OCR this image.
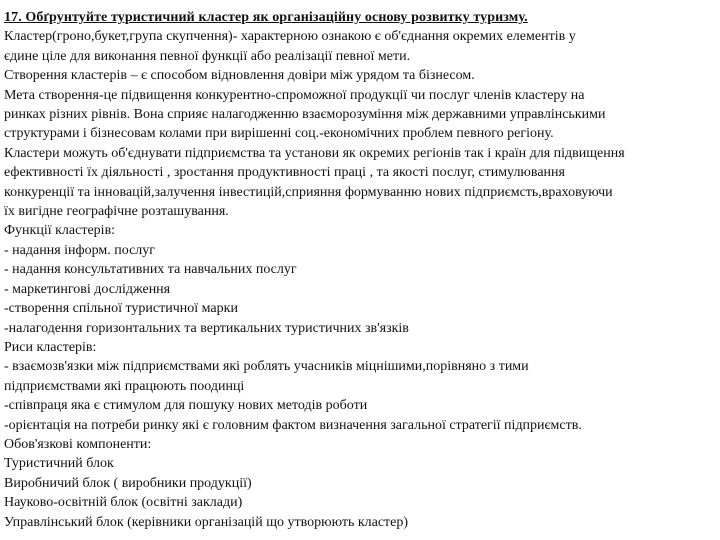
17. Обґрунтуйте туристичний кластер як організаційну основу розвитку туризму.
Кластер(гроно,букет,група скупчення)- характерною ознакою є об'єднання окремих елементів у
єдине ціле для виконання певної функції або реалізації певної мети.
Створення кластерів – є способом відновлення довіри між урядом та бізнесом.
Мета створення-це підвищення конкурентно-спроможної продукції чи послуг членів кластеру на
ринках різних рівнів. Вона сприяє налагодженню взаєморозуміння між державними управлінськими
структурами і бізнесовам колами при вирішенні соц.-економічних проблем певного регіону.
Кластери можуть об'єднувати підприємства та установи як окремих регіонів так і країн для підвищення
ефективності їх діяльності , зростання продуктивності праці , та якості послуг, стимулювання
конкуренції та інновацій,залучення інвестицій,сприяння формуванню нових підприємсть,враховуючи
їх вигідне географічне розташування.
Функції кластерів:
- надання інформ. послуг
- надання консультативних та навчальних послуг
- маркетингові дослідження
-створення спільної туристичної марки
-налагодення горизонтальних та вертикальних туристичних зв'язків
Риси кластерів:
- взаємозв'язки між підприємствами які роблять учасників міцнішими,порівняно з тими
підприємствами які працюють поодинці
-співпраця яка є стимулом для пошуку нових методів роботи
-орієнтація на потреби ринку які є головним фактом визначення загальної стратегії підприємств.
Обов'язкові компоненти:
Туристичний блок
Виробничий блок ( виробники продукції)
Науково-освітній блок (освітні заклади)
Управлінський блок (керівники організацій що утворюють кластер)
